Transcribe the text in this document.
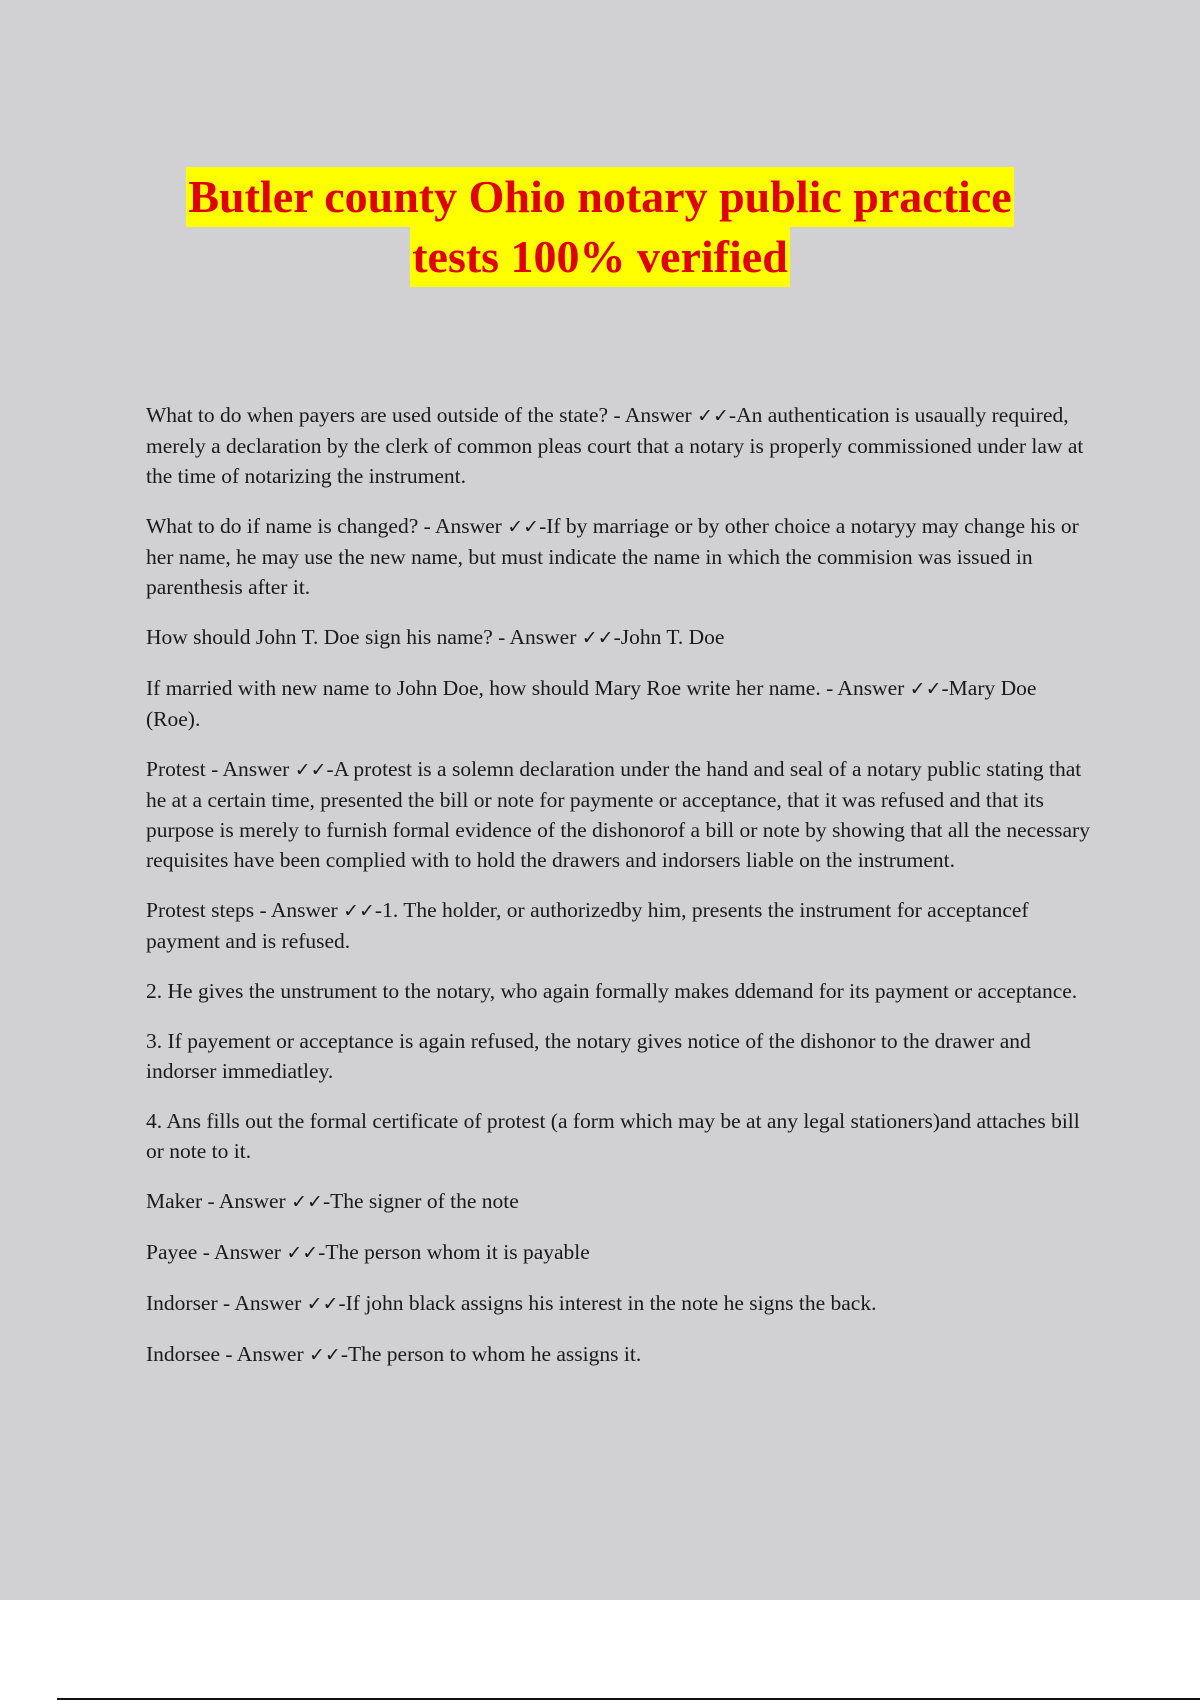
Butler county Ohio notary public practice
tests 100% verified

What to do when payers are used outside of the state? - Answer ✓✓-An authentication is usaually required, merely a declaration by the clerk of common pleas court that a notary is properly commissioned under law at the time of notarizing the instrument.

What to do if name is changed? - Answer ✓✓-If by marriage or by other choice a notaryy may change his or her name, he may use the new name, but must indicate the name in which the commision was issued in parenthesis after it.

How should John T. Doe sign his name? - Answer ✓✓-John T. Doe

If married with new name to John Doe, how should Mary Roe write her name. - Answer ✓✓-Mary Doe (Roe).

Protest - Answer ✓✓-A protest is a solemn declaration under the hand and seal of a notary public stating that he at a certain time, presented the bill or note for paymente or acceptance, that it was refused and that its purpose is merely to furnish formal evidence of the dishonorof a bill or note by showing that all the necessary requisites have been complied with to hold the drawers and indorsers liable on the instrument.

Protest steps - Answer ✓✓-1. The holder, or authorizedby him, presents the instrument for acceptancef payment and is refused.

2. He gives the unstrument to the notary, who again formally makes ddemand for its payment or acceptance.

3. If payement or acceptance is again refused, the notary gives notice of the dishonor to the drawer and indorser immediatley.

4. Ans fills out the formal certificate of protest (a form which may be at any legal stationers)and attaches bill or note to it.

Maker - Answer ✓✓-The signer of the note

Payee - Answer ✓✓-The person whom it is payable

Indorser - Answer ✓✓-If john black assigns his interest in the note he signs the back.

Indorsee - Answer ✓✓-The person to whom he assigns it.
